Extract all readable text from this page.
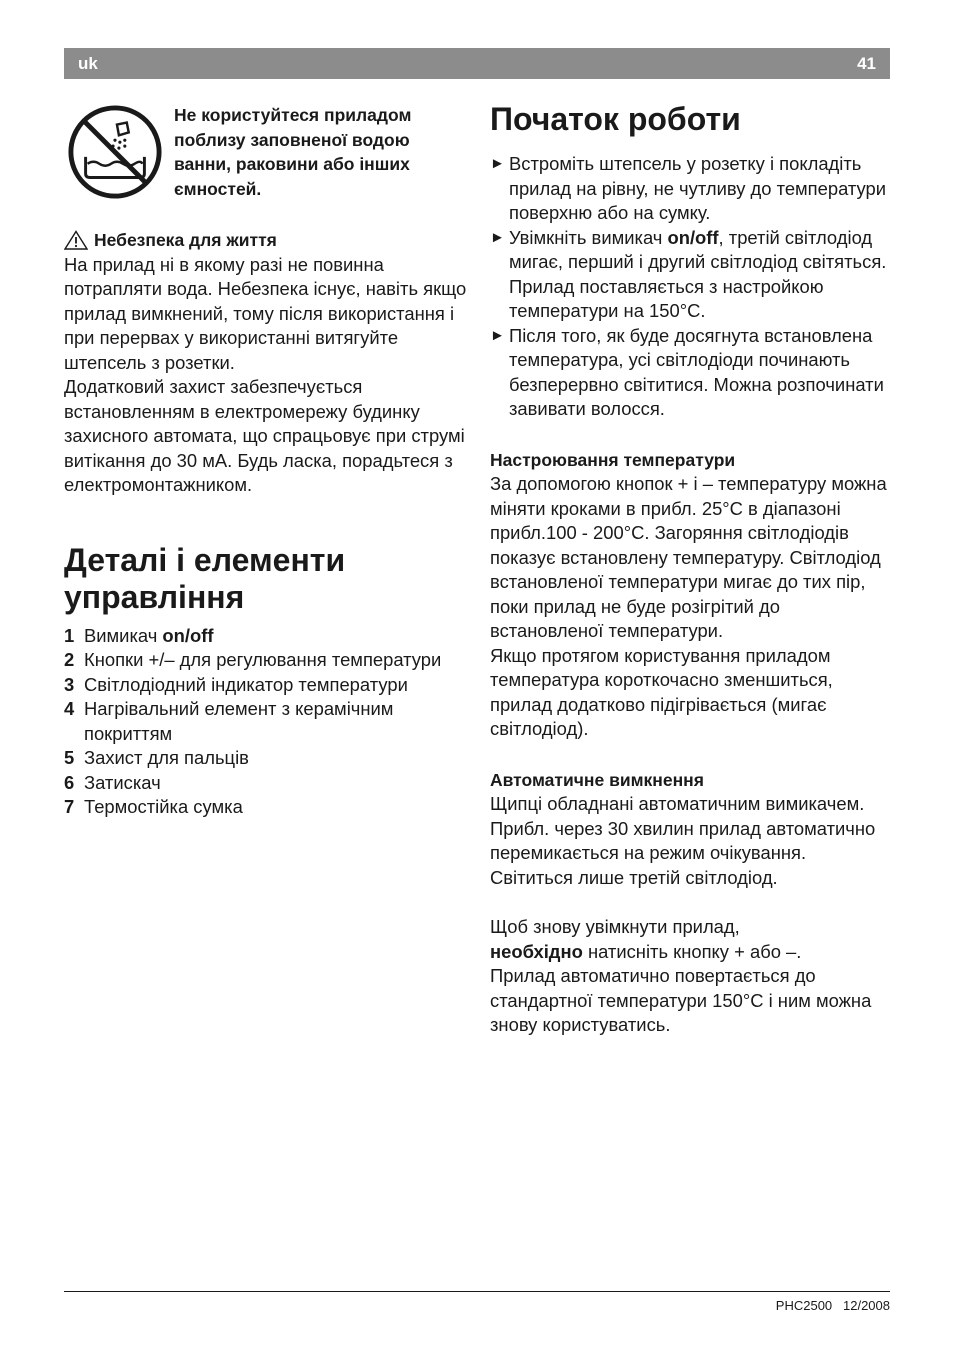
uk	41
Не користуйтеся приладом поблизу заповненої водою ванни, раковини або інших ємностей.
Небезпека для життя

На прилад ні в якому разі не повинна потрапляти вода. Небезпека існує, навіть якщо прилад вимкнений, тому після використання і при перервах у використанні витягуйте штепсель з розетки.

Додатковий захист забезпечується встановленням в електромережу будинку захисного автомата, що спрацьовує при струмі витікання до 30 мА. Будь ласка, порадьтеся з електромонтажником.

Деталі і елементи управління
1 Вимикач on/off
2 Кнопки +/– для регулювання температури
3 Світлодіодний індикатор температури
4 Нагрівальний елемент з керамічним покриттям
5 Захист для пальців
6 Затискач
7 Термостійка сумка
Початок роботи
► Встроміть штепсель у розетку і покладіть прилад на рівну, не чутливу до температури поверхню або на сумку.
► Увімкніть вимикач on/off, третій світлодіод мигає, перший і другий світлодіод світяться. Прилад поставляється з настройкою температури на 150°C.
► Після того, як буде досягнута встановлена температура, усі світлодіоди починають безперервно світитися. Можна розпочинати завивати волосся.

Настроювання температури

За допомогою кнопок + і – температуру можна міняти кроками в прибл. 25°C в діапазоні прибл.100 - 200°C. Загоряння світлодіодів показує встановлену температуру. Світлодіод встановленої температури мигає до тих пір,

поки прилад не буде розігрітий до встановленої температури.

Якщо протягом користування приладом температура короткочасно зменшиться, прилад додатково підігрівається (мигає світлодіод).

Автоматичне вимкнення

Щипці обладнані автоматичним вимикачем. Прибл. через 30 хвилин прилад автоматично перемикається на режим очікування. Світиться лише третій світлодіод.

Щоб знову увімкнути прилад,

необхідно натисніть кнопку + або –.

Прилад автоматично повертається до стандартної температури 150°C і ним можна знову користуватись.

PHC2500 12/2008
